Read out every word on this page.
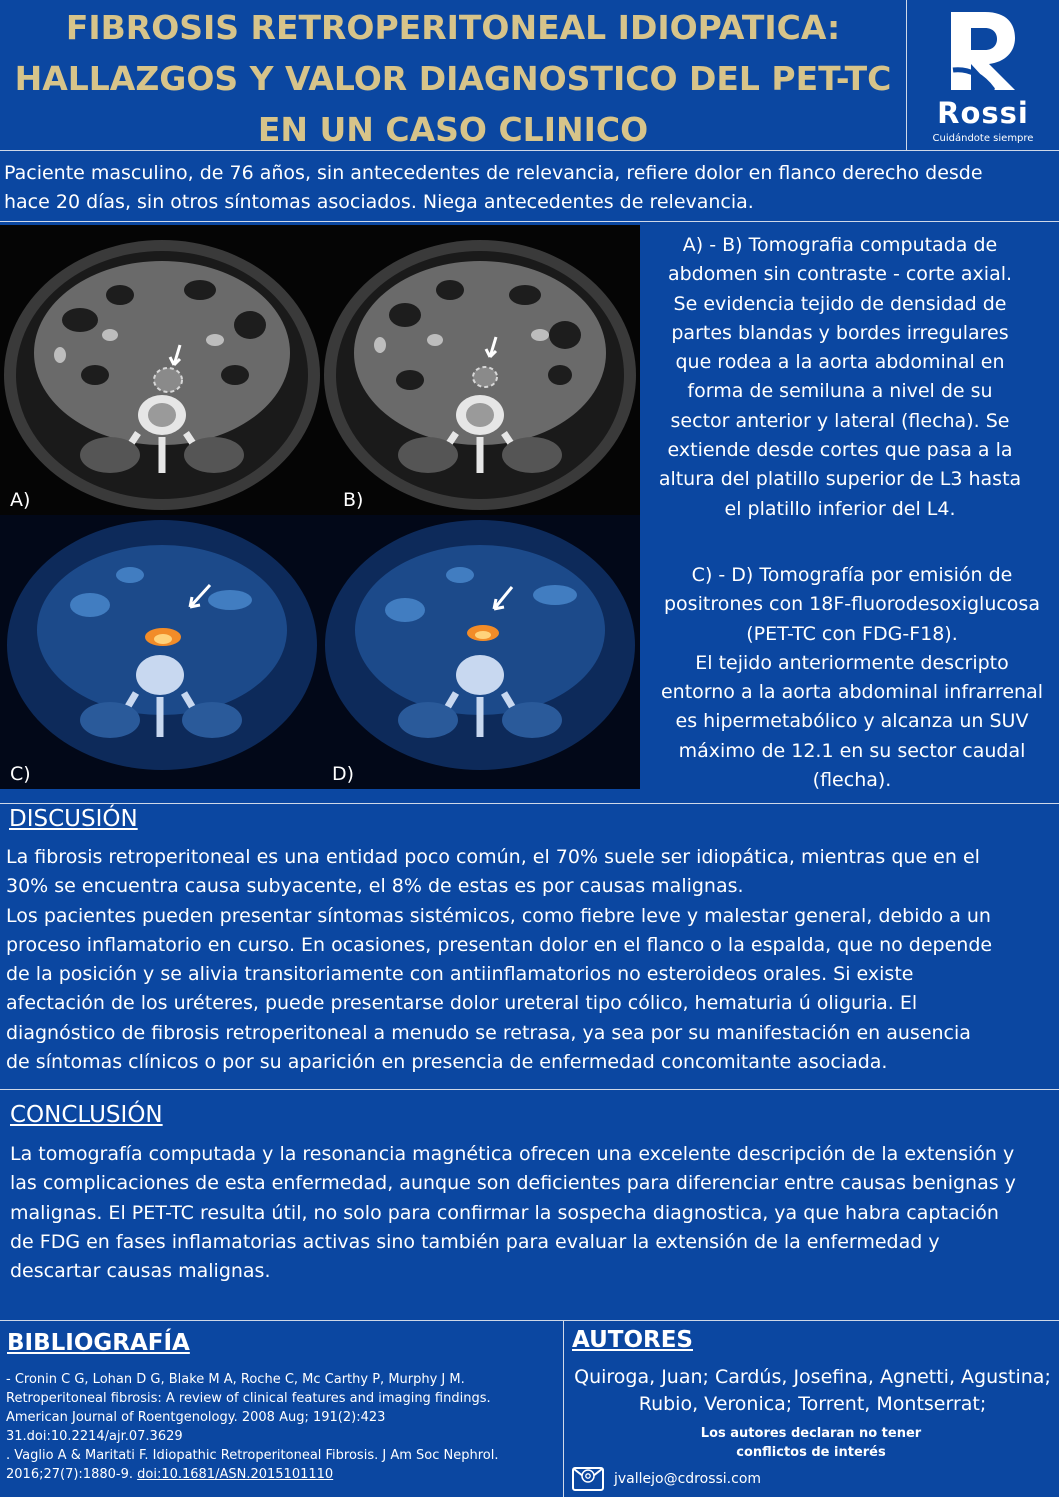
FIBROSIS RETROPERITONEAL IDIOPATICA:
HALLAZGOS Y VALOR DIAGNOSTICO DEL PET-TC
EN UN CASO CLINICO	Rossi
Cuidándote siempre
Paciente masculino, de 76 años, sin antecedentes de relevancia, refiere dolor en flanco derecho desde
hace 20 días, sin otros síntomas asociados. Niega antecedentes de relevancia.
A)	B)
C)	D)
A) - B) Tomografia computada de
abdomen sin contraste - corte axial.
Se evidencia tejido de densidad de
partes blandas y bordes irregulares
que rodea a la aorta abdominal en
forma de semiluna a nivel de su
sector anterior y lateral (flecha). Se
extiende desde cortes que pasa a la
altura del platillo superior de L3 hasta
el platillo inferior del L4.
C) - D) Tomografía por emisión de
positrones con 18F-fluorodesoxiglucosa
(PET-TC con FDG-F18).
El tejido anteriormente descripto
entorno a la aorta abdominal infrarrenal
es hipermetabólico y alcanza un SUV
máximo de 12.1 en su sector caudal
(flecha).
DISCUSIÓN
La fibrosis retroperitoneal es una entidad poco común, el 70% suele ser idiopática, mientras que en el
30% se encuentra causa subyacente, el 8% de estas es por causas malignas.
Los pacientes pueden presentar síntomas sistémicos, como fiebre leve y malestar general, debido a un
proceso inflamatorio en curso. En ocasiones, presentan dolor en el flanco o la espalda, que no depende
de la posición y se alivia transitoriamente con antiinflamatorios no esteroideos orales. Si existe
afectación de los uréteres, puede presentarse dolor ureteral tipo cólico, hematuria ú oliguria. El
diagnóstico de fibrosis retroperitoneal a menudo se retrasa, ya sea por su manifestación en ausencia
de síntomas clínicos o por su aparición en presencia de enfermedad concomitante asociada.
CONCLUSIÓN
La tomografía computada y la resonancia magnética ofrecen una excelente descripción de la extensión y
las complicaciones de esta enfermedad, aunque son deficientes para diferenciar entre causas benignas y
malignas. El PET-TC resulta útil, no solo para confirmar la sospecha diagnostica, ya que habra captación
de FDG en fases inflamatorias activas sino también para evaluar la extensión de la enfermedad y
descartar causas malignas.
BIBLIOGRAFÍA
- Cronin C G, Lohan D G, Blake M A, Roche C, Mc Carthy P, Murphy J M.
Retroperitoneal fibrosis: A review of clinical features and imaging findings.
American Journal of Roentgenology. 2008 Aug; 191(2):423
31.doi:10.2214/ajr.07.3629
. Vaglio A & Maritati F. Idiopathic Retroperitoneal Fibrosis. J Am Soc Nephrol.
2016;27(7):1880-9. doi:10.1681/ASN.2015101110
AUTORES
Quiroga, Juan; Cardús, Josefina, Agnetti, Agustina;
Rubio, Veronica; Torrent, Montserrat;
Los autores declaran no tener
conflictos de interés
jvallejo@cdrossi.com
